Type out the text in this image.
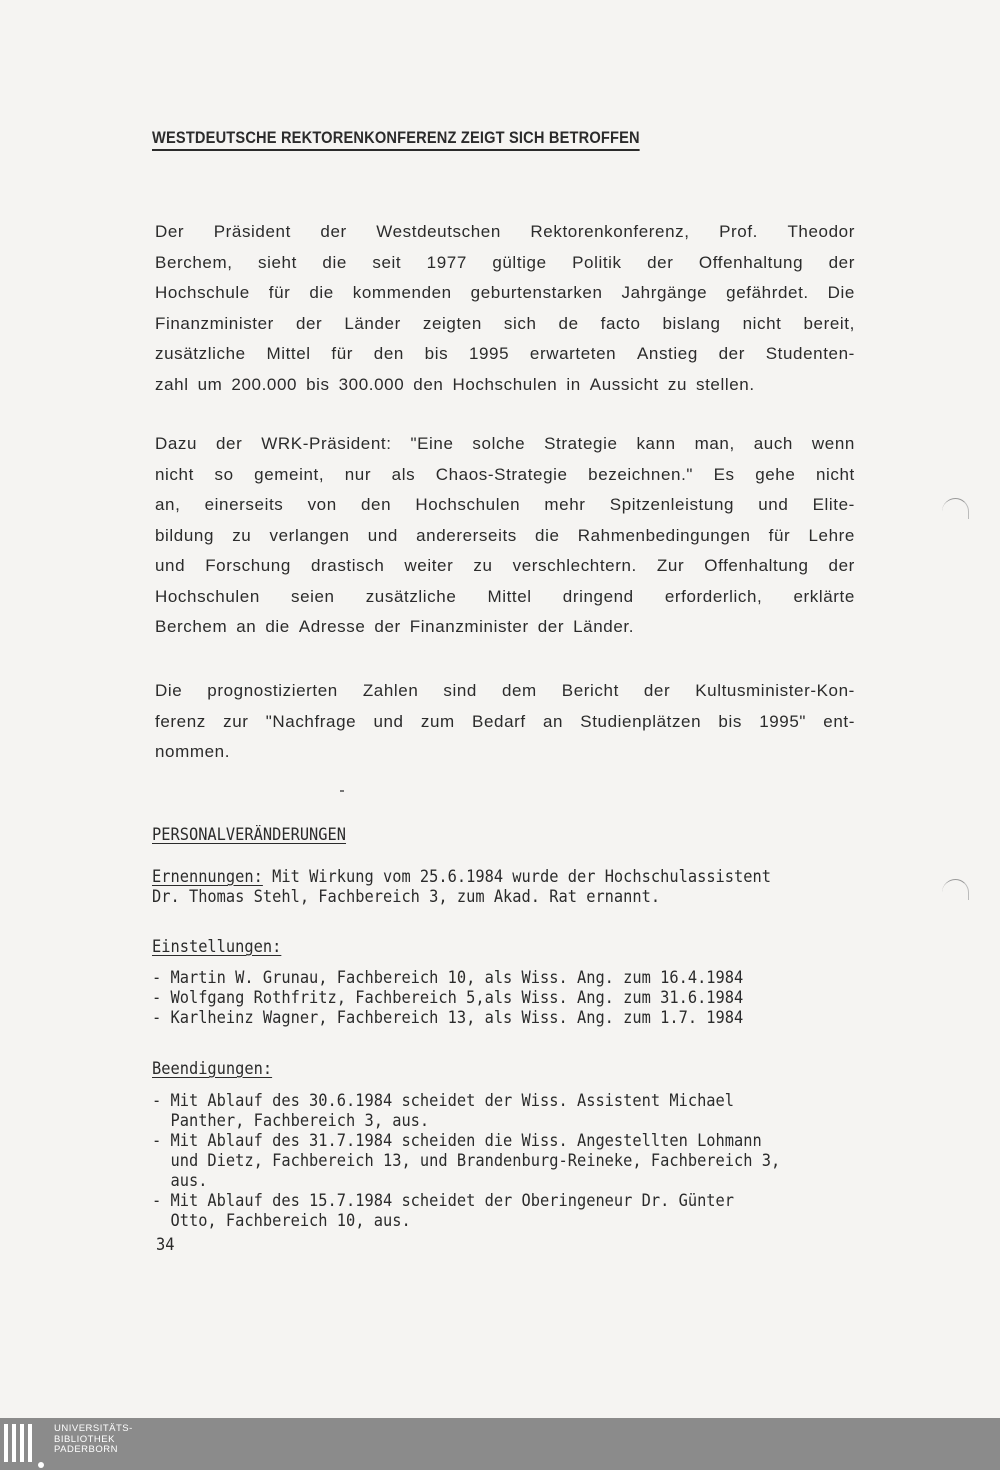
WESTDEUTSCHE REKTORENKONFERENZ ZEIGT SICH BETROFFEN
Der Präsident der Westdeutschen Rektorenkonferenz, Prof. Theodor
Berchem, sieht die seit 1977 gültige Politik der Offenhaltung der
Hochschule für die kommenden geburtenstarken Jahrgänge gefährdet. Die
Finanzminister der Länder zeigten sich de facto bislang nicht bereit,
zusätzliche Mittel für den bis 1995 erwarteten Anstieg der Studenten-
zahl um 200.000 bis 300.000 den Hochschulen in Aussicht zu stellen.
Dazu der WRK-Präsident: "Eine solche Strategie kann man, auch wenn
nicht so gemeint, nur als Chaos-Strategie bezeichnen." Es gehe nicht
an, einerseits von den Hochschulen mehr Spitzenleistung und Elite-
bildung zu verlangen und andererseits die Rahmenbedingungen für Lehre
und Forschung drastisch weiter zu verschlechtern. Zur Offenhaltung der
Hochschulen seien zusätzliche Mittel dringend erforderlich, erklärte
Berchem an die Adresse der Finanzminister der Länder.
Die prognostizierten Zahlen sind dem Bericht der Kultusminister-Kon-
ferenz zur "Nachfrage und zum Bedarf an Studienplätzen bis 1995" ent-
nommen.
PERSONALVERÄNDERUNGEN
Ernennungen: Mit Wirkung vom 25.6.1984 wurde der Hochschulassistent
Dr. Thomas Stehl, Fachbereich 3, zum Akad. Rat ernannt.
Einstellungen:
- Martin W. Grunau, Fachbereich 10, als Wiss. Ang. zum 16.4.1984
- Wolfgang Rothfritz, Fachbereich 5,als Wiss. Ang. zum 31.6.1984
- Karlheinz Wagner, Fachbereich 13, als Wiss. Ang. zum 1.7. 1984
Beendigungen:
- Mit Ablauf des 30.6.1984 scheidet der Wiss. Assistent Michael
Panther, Fachbereich 3, aus.
- Mit Ablauf des 31.7.1984 scheiden die Wiss. Angestellten Lohmann
und Dietz, Fachbereich 13, und Brandenburg-Reineke, Fachbereich 3,
aus.
- Mit Ablauf des 15.7.1984 scheidet der Oberingeneur Dr. Günter
Otto, Fachbereich 10, aus.
34
UNIVERSITÄTS-
BIBLIOTHEK
PADERBORN
